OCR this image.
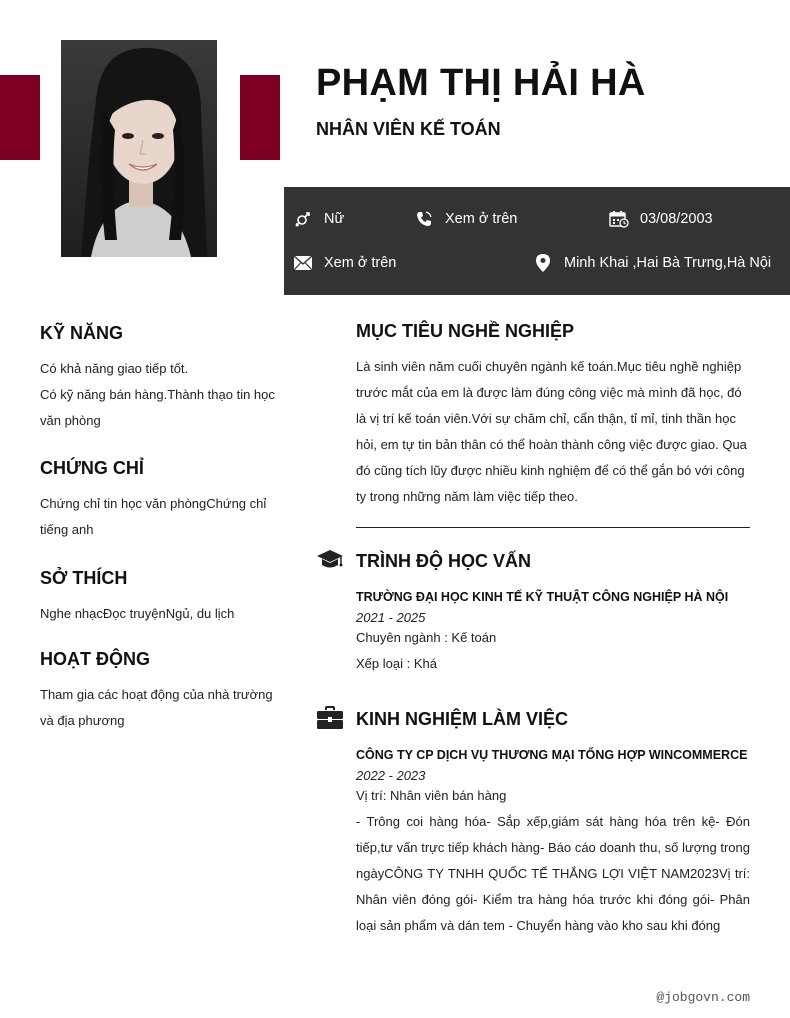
PHẠM THỊ HẢI HÀ
NHÂN VIÊN KẾ TOÁN
Nữ	Xem ở trên	03/08/2003
Xem ở trên	Minh Khai ,Hai Bà Trưng,Hà Nội
KỸ NĂNG
Có khả năng giao tiếp tốt.
Có kỹ năng bán hàng.Thành thạo tin học văn phòng
CHỨNG CHỈ
Chứng chỉ tin học văn phòngChứng chỉ tiếng anh
SỞ THÍCH
Nghe nhạcĐọc truyệnNgủ, du lịch
HOẠT ĐỘNG
Tham gia các hoạt động của nhà trường và địa phương
MỤC TIÊU NGHỀ NGHIỆP
Là sinh viên năm cuối chuyên ngành kế toán.Mục tiêu nghề nghiệp trước mắt của em là được làm đúng công việc mà mình đã học, đó là vị trí kế toán viên.Với sự chăm chỉ, cẩn thận, tỉ mỉ, tinh thần học hỏi, em tự tin bản thân có thể hoàn thành công việc được giao. Qua đó cũng tích lũy được nhiều kinh nghiệm để có thể gắn bó với công ty trong những năm làm việc tiếp theo.
TRÌNH ĐỘ HỌC VẤN
TRƯỜNG ĐẠI HỌC KINH TẾ KỸ THUẬT CÔNG NGHIỆP HÀ NỘI
2021 - 2025
Chuyên ngành : Kế toán
Xếp loại : Khá
KINH NGHIỆM LÀM VIỆC
CÔNG TY CP DỊCH VỤ THƯƠNG MẠI TỔNG HỢP WINCOMMERCE
2022 - 2023
Vị trí: Nhân viên bán hàng
- Trông coi hàng hóa- Sắp xếp,giám sát hàng hóa trên kệ- Đón tiếp,tư vấn trực tiếp khách hàng- Báo cáo doanh thu, số lượng trong ngàyCÔNG TY TNHH QUỐC TẾ THẮNG LỢI VIỆT NAM2023Vị trí: Nhân viên đóng gói- Kiểm tra hàng hóa trước khi đóng gói- Phân loại sản phẩm và dán tem - Chuyển hàng vào kho sau khi đóng
@jobgovn.com
